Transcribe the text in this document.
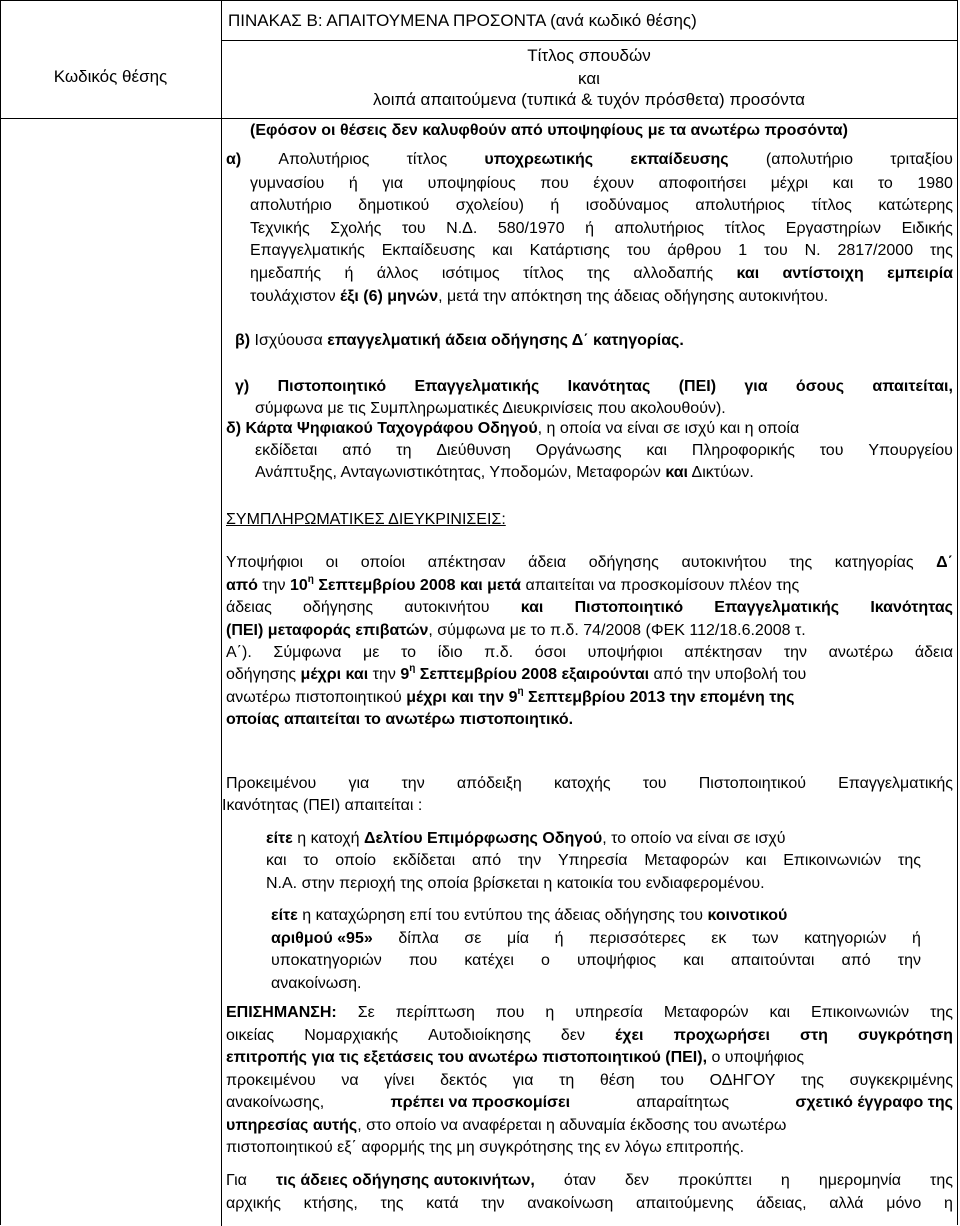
ΠΙΝΑΚΑΣ Β: ΑΠΑΙΤΟΥΜΕΝΑ ΠΡΟΣΟΝΤΑ (ανά κωδικό θέσης)
Κωδικός θέσης
Τίτλος σπουδών
και
λοιπά απαιτούμενα (τυπικά & τυχόν πρόσθετα) προσόντα
(Εφόσον οι θέσεις δεν καλυφθούν από υποψηφίους με τα ανωτέρω προσόντα)
α) Απολυτήριος τίτλος υποχρεωτικής εκπαίδευσης (απολυτήριο τριταξίου
γυμνασίου ή για υποψηφίους που έχουν αποφοιτήσει μέχρι και το 1980
απολυτήριο δημοτικού σχολείου) ή ισοδύναμος απολυτήριος τίτλος κατώτερης
Τεχνικής Σχολής του Ν.Δ. 580/1970 ή απολυτήριος τίτλος Εργαστηρίων Ειδικής
Επαγγελματικής Εκπαίδευσης και Κατάρτισης του άρθρου 1 του Ν. 2817/2000 της
ημεδαπής ή άλλος ισότιμος τίτλος της αλλοδαπής και αντίστοιχη εμπειρία
τουλάχιστον έξι (6) μηνών, μετά την απόκτηση της άδειας οδήγησης αυτοκινήτου.
β) Ισχύουσα επαγγελματική άδεια οδήγησης Δ΄ κατηγορίας.
γ) Πιστοποιητικό Επαγγελματικής Ικανότητας (ΠΕΙ) για όσους απαιτείται,
σύμφωνα με τις Συμπληρωματικές Διευκρινίσεις που ακολουθούν).
δ) Κάρτα Ψηφιακού Ταχογράφου Οδηγού, η οποία να είναι σε ισχύ και η οποία
εκδίδεται από τη Διεύθυνση Οργάνωσης και Πληροφορικής του Υπουργείου
Ανάπτυξης, Ανταγωνιστικότητας, Υποδομών, Μεταφορών και Δικτύων.
ΣΥΜΠΛΗΡΩΜΑΤΙΚΕΣ ΔΙΕΥΚΡΙΝΙΣΕΙΣ:
Υποψήφιοι οι οποίοι απέκτησαν άδεια οδήγησης αυτοκινήτου της κατηγορίας Δ΄
από την $10^\eta$ Σεπτεμβρίου 2008 και μετά απαιτείται να προσκομίσουν πλέον της
άδειας οδήγησης αυτοκινήτου και Πιστοποιητικό Επαγγελματικής Ικανότητας
(ΠΕΙ) μεταφοράς επιβατών, σύμφωνα με το π.δ. 74/2008 (ΦΕΚ 112/18.6.2008 τ.
Α΄). Σύμφωνα με το ίδιο π.δ. όσοι υποψήφιοι απέκτησαν την ανωτέρω άδεια
οδήγησης μέχρι και την $9^\eta$ Σεπτεμβρίου 2008 εξαιρούνται από την υποβολή του
ανωτέρω πιστοποιητικού μέχρι και την $9^\eta$ Σεπτεμβρίου 2013 την επομένη της
οποίας απαιτείται το ανωτέρω πιστοποιητικό.
Προκειμένου για την απόδειξη κατοχής του Πιστοποιητικού Επαγγελματικής
Ικανότητας (ΠΕΙ) απαιτείται :
είτε η κατοχή Δελτίου Επιμόρφωσης Οδηγού, το οποίο να είναι σε ισχύ
και το οποίο εκδίδεται από την Υπηρεσία Μεταφορών και Επικοινωνιών της
Ν.Α. στην περιοχή της οποία βρίσκεται η κατοικία του ενδιαφερομένου.
είτε η καταχώρηση επί του εντύπου της άδειας οδήγησης του κοινοτικού
αριθμού «95» δίπλα σε μία ή περισσότερες εκ των κατηγοριών ή
υποκατηγοριών που κατέχει ο υποψήφιος και απαιτούνται από την
ανακοίνωση.
ΕΠΙΣΗΜΑΝΣΗ: Σε περίπτωση που η υπηρεσία Μεταφορών και Επικοινωνιών της
οικείας Νομαρχιακής Αυτοδιοίκησης δεν έχει προχωρήσει στη συγκρότηση
επιτροπής για τις εξετάσεις του ανωτέρω πιστοποιητικού (ΠΕΙ), ο υποψήφιος
προκειμένου να γίνει δεκτός για τη θέση του ΟΔΗΓΟΥ της συγκεκριμένης
ανακοίνωσης,	πρέπει να προσκομίσει	απαραίτητως	σχετικό έγγραφο της
υπηρεσίας αυτής, στο οποίο να αναφέρεται η αδυναμία έκδοσης του ανωτέρω
πιστοποιητικού εξ΄ αφορμής της μη συγκρότησης της εν λόγω επιτροπής.
Για τις άδειες οδήγησης αυτοκινήτων, όταν δεν προκύπτει η ημερομηνία της
αρχικής κτήσης, της κατά την ανακοίνωση απαιτούμενης άδειας, αλλά μόνο η
